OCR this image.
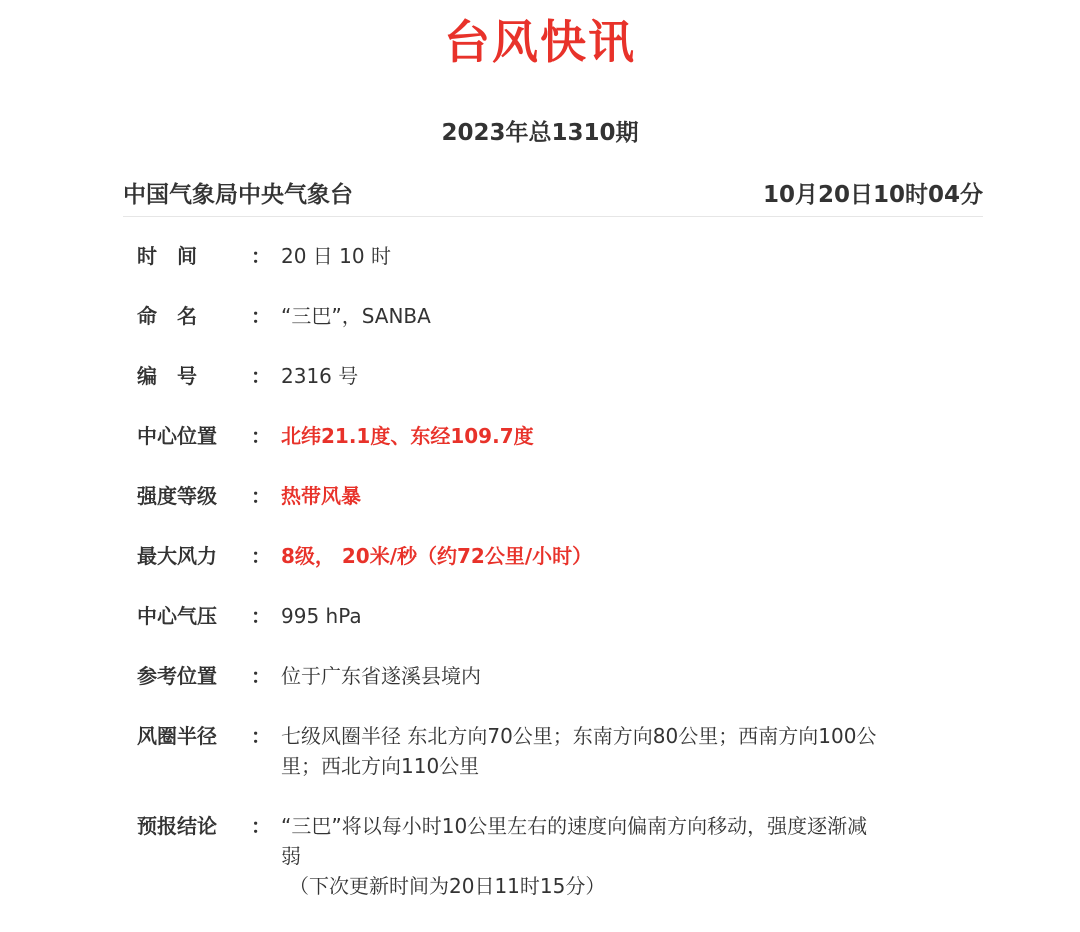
台风快讯
2023年总1310期
中国气象局中央气象台	10月20日10时04分
时　间	： 20 日 10 时
命　名	： “三巴”，SANBA
编　号	： 2316 号
中心位置 ： 北纬21.1度、东经109.7度
强度等级 ： 热带风暴
最大风力 ： 8级， 20米/秒（约72公里/小时）
中心气压 ： 995 hPa
参考位置 ： 位于广东省遂溪县境内
风圈半径 ： 七级风圈半径 东北方向70公里；东南方向80公里；西南方向100公
里；西北方向110公里
预报结论 ： “三巴”将以每小时10公里左右的速度向偏南方向移动，强度逐渐减
弱
（下次更新时间为20日11时15分）
